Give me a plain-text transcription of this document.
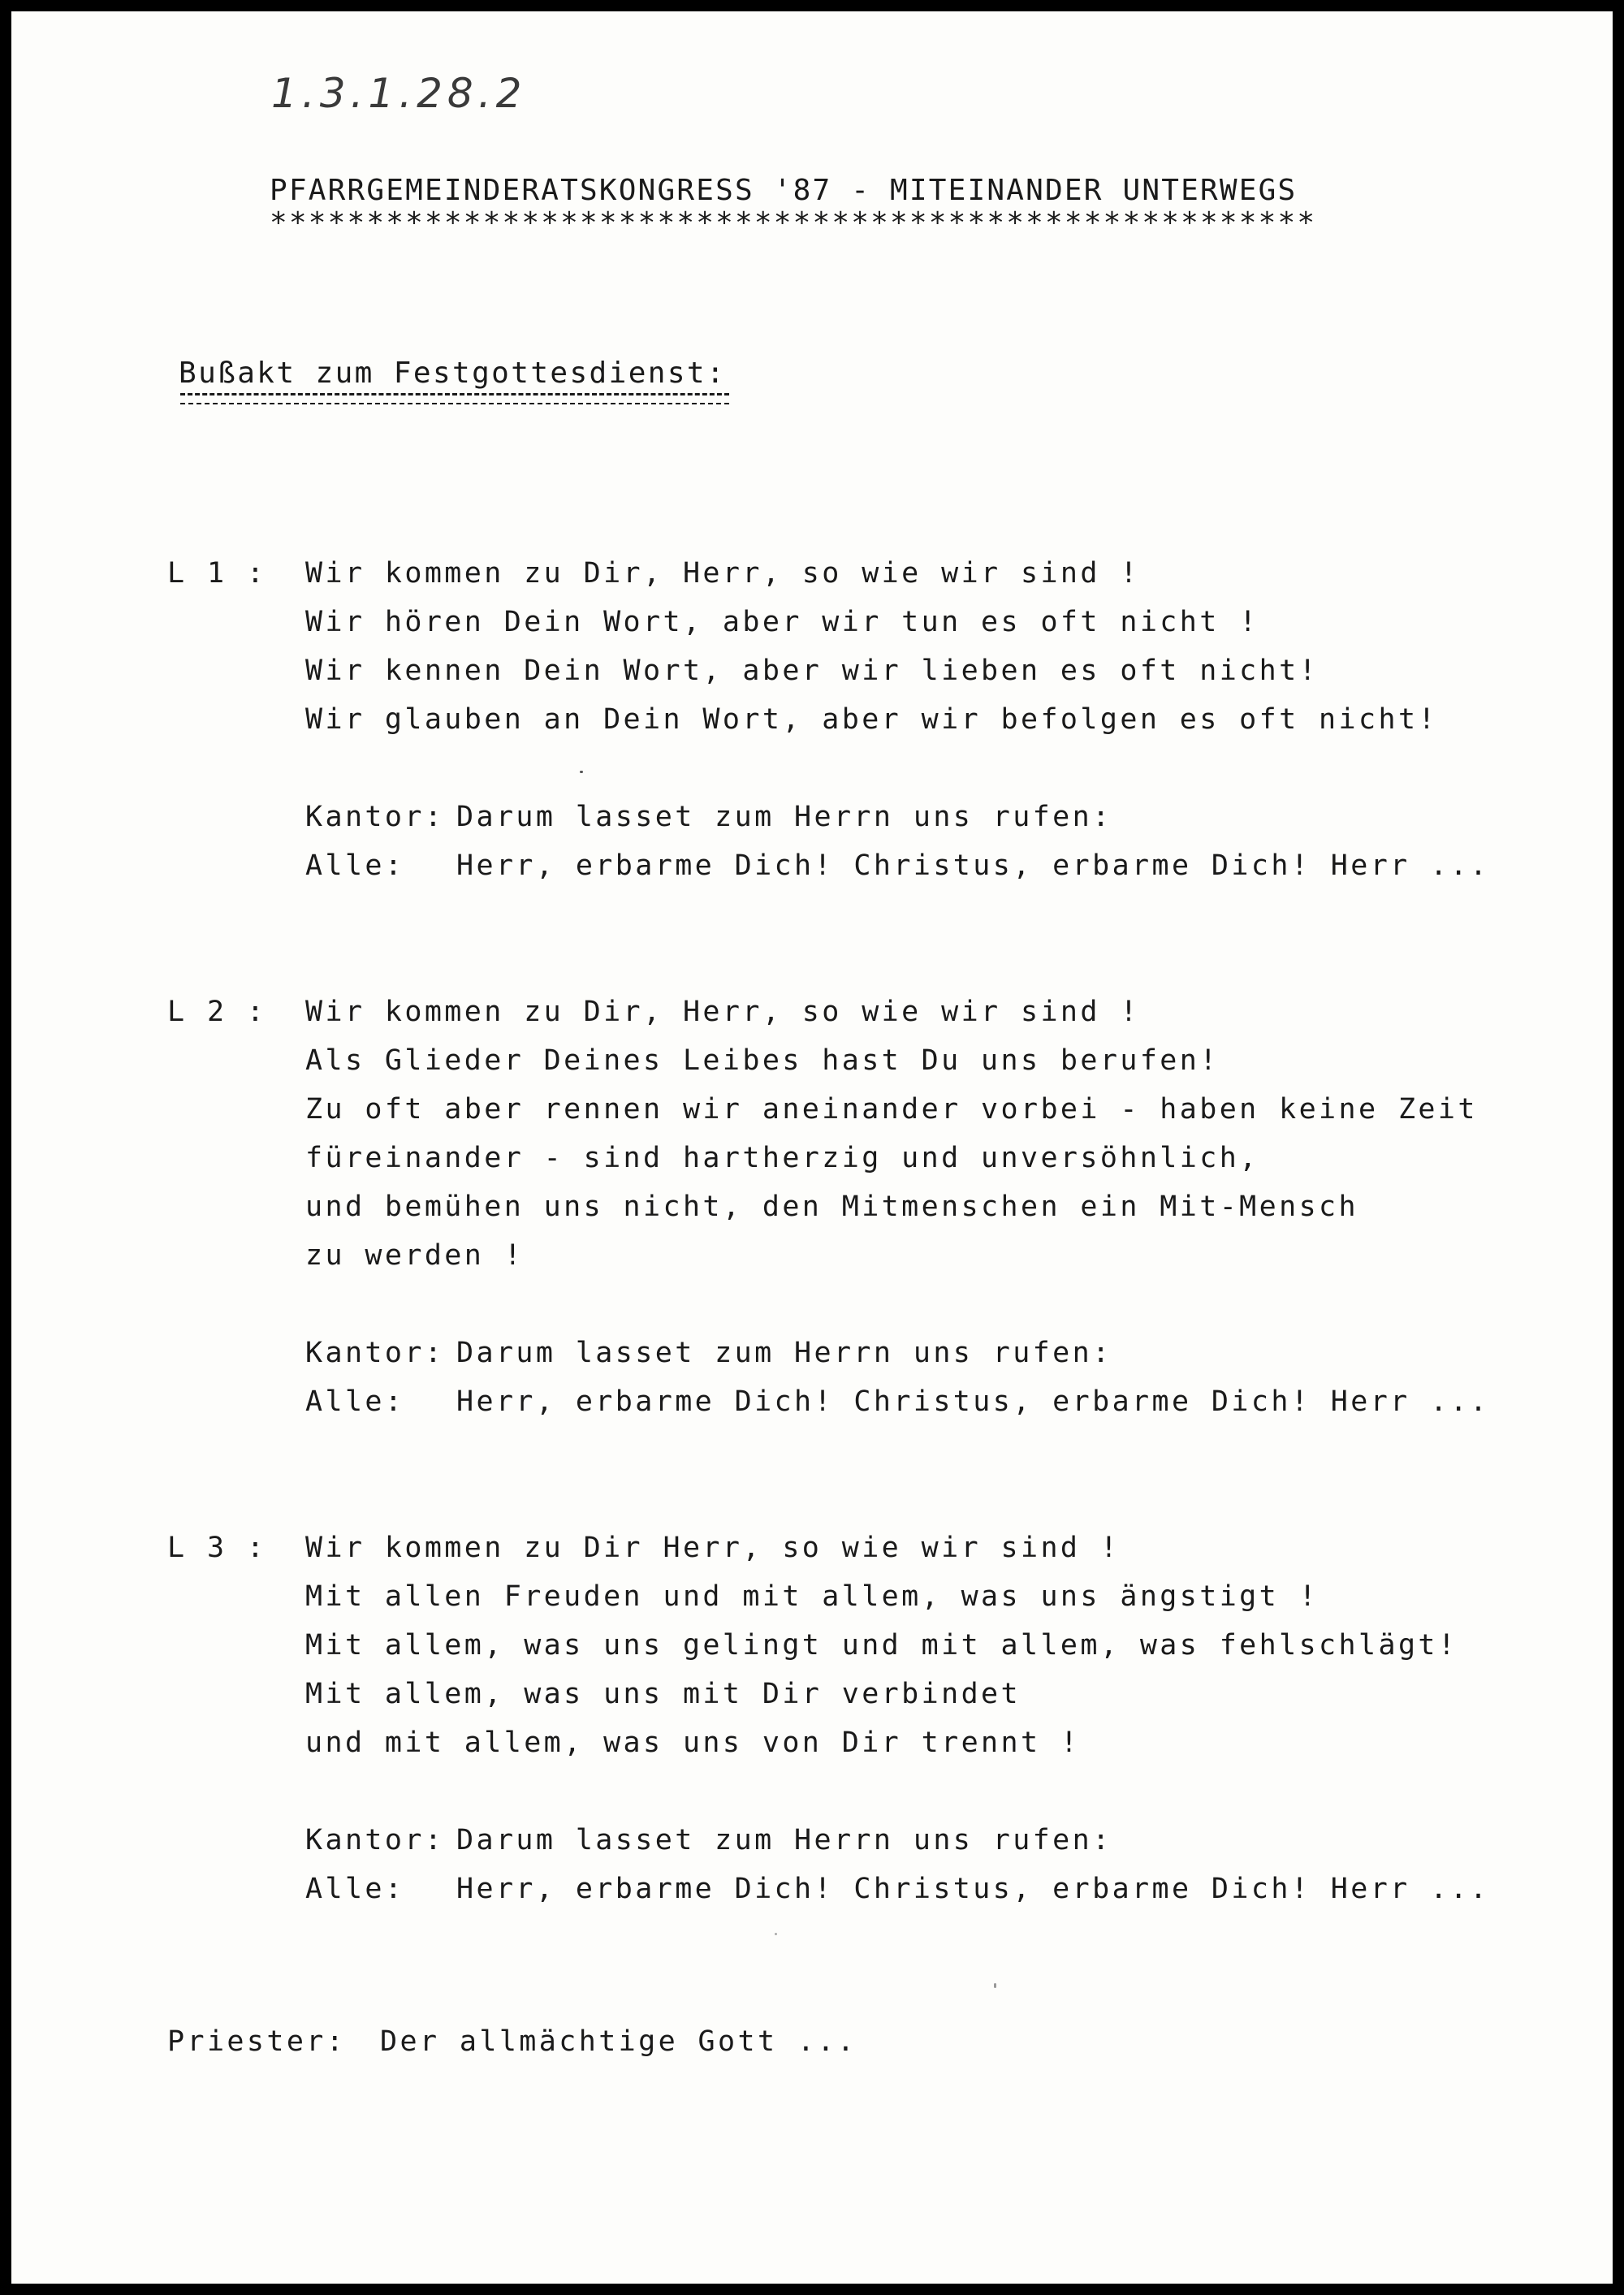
1.3.1.28.2
PFARRGEMEINDERATSKONGRESS '87 - MITEINANDER UNTERWEGS
******************************************************
Bußakt zum Festgottesdienst:
L 1 : Wir kommen zu Dir, Herr, so wie wir sind !
Wir hören Dein Wort, aber wir tun es oft nicht !
Wir kennen Dein Wort, aber wir lieben es oft nicht!
Wir glauben an Dein Wort, aber wir befolgen es oft nicht!
Kantor: Darum lasset zum Herrn uns rufen:
Alle: Herr, erbarme Dich! Christus, erbarme Dich! Herr ...
L 2 : Wir kommen zu Dir, Herr, so wie wir sind !
Als Glieder Deines Leibes hast Du uns berufen!
Zu oft aber rennen wir aneinander vorbei - haben keine Zeit
füreinander - sind hartherzig und unversöhnlich,
und bemühen uns nicht, den Mitmenschen ein Mit-Mensch
zu werden !
Kantor: Darum lasset zum Herrn uns rufen:
Alle: Herr, erbarme Dich! Christus, erbarme Dich! Herr ...
L 3 : Wir kommen zu Dir Herr, so wie wir sind !
Mit allen Freuden und mit allem, was uns ängstigt !
Mit allem, was uns gelingt und mit allem, was fehlschlägt!
Mit allem, was uns mit Dir verbindet
und mit allem, was uns von Dir trennt !
Kantor: Darum lasset zum Herrn uns rufen:
Alle: Herr, erbarme Dich! Christus, erbarme Dich! Herr ...
Priester: Der allmächtige Gott ...
